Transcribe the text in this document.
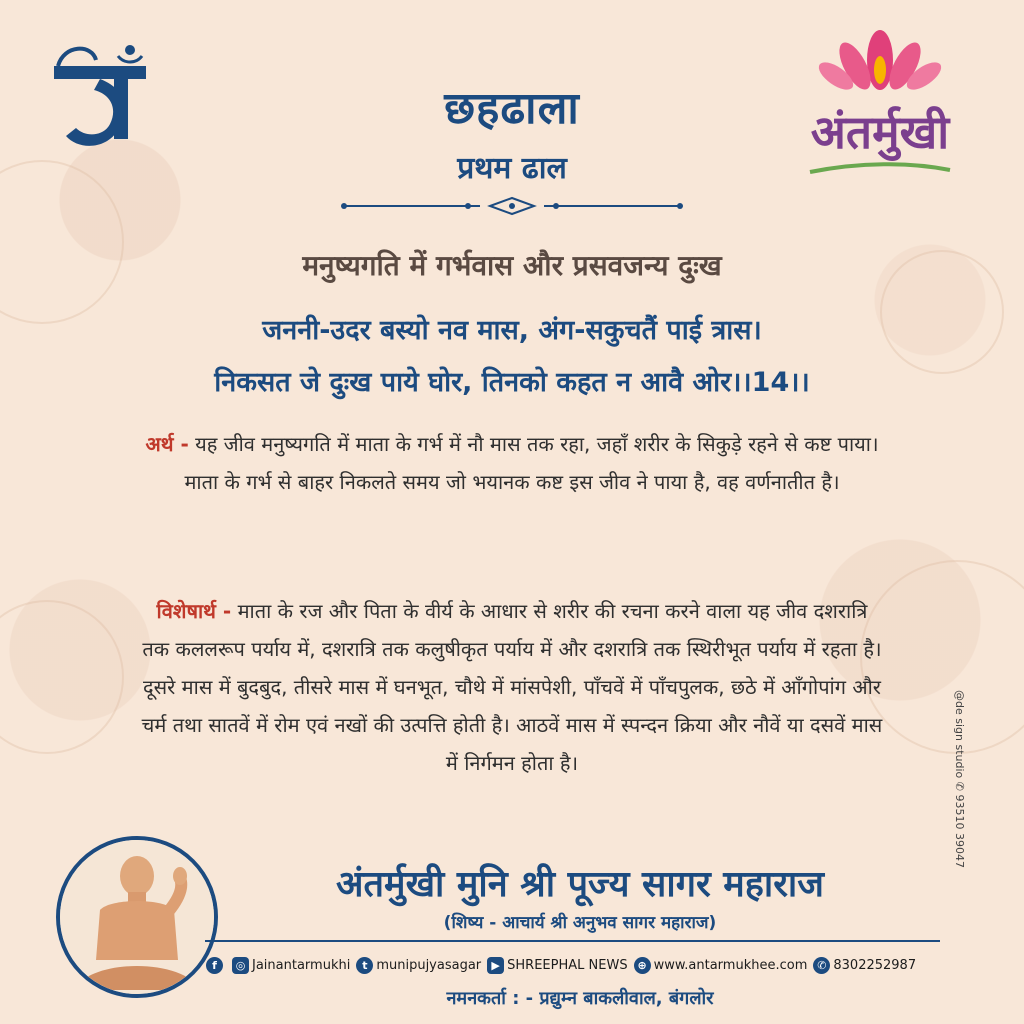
अंतर्मुखी
छहढाला
प्रथम ढाल
मनुष्यगति में गर्भवास और प्रसवजन्य दुःख
जननी-उदर बस्यो नव मास, अंग-सकुचतैं पाई त्रास।
निकसत जे दुःख पाये घोर, तिनको कहत न आवै ओर।।14।।
अर्थ - यह जीव मनुष्यगति में माता के गर्भ में नौ मास तक रहा, जहाँ शरीर के सिकुड़े रहने से कष्ट पाया। माता के गर्भ से बाहर निकलते समय जो भयानक कष्ट इस जीव ने पाया है, वह वर्णनातीत है।
विशेषार्थ - माता के रज और पिता के वीर्य के आधार से शरीर की रचना करने वाला यह जीव दशरात्रि तक कललरूप पर्याय में, दशरात्रि तक कलुषीकृत पर्याय में और दशरात्रि तक स्थिरीभूत पर्याय में रहता है। दूसरे मास में बुदबुद, तीसरे मास में घनभूत, चौथे में मांसपेशी, पाँचवें में पाँचपुलक, छठे में आँगोपांग और चर्म तथा सातवें में रोम एवं नखों की उत्पत्ति होती है। आठवें मास में स्पन्दन क्रिया और नौवें या दसवें मास में निर्गमन होता है।	@de sign studio ✆ 93510 39047
अंतर्मुखी मुनि श्री पूज्य सागर महाराज
(शिष्य - आचार्य श्री अनुभव सागर महाराज)
f	◎ Jainantarmukhi	t munipujyasagar ▶ SHREEPHAL NEWS ⊕ www.antarmukhee.com ✆ 8302252987
नमनकर्ता : - प्रद्युम्न बाकलीवाल, बंगलोर
